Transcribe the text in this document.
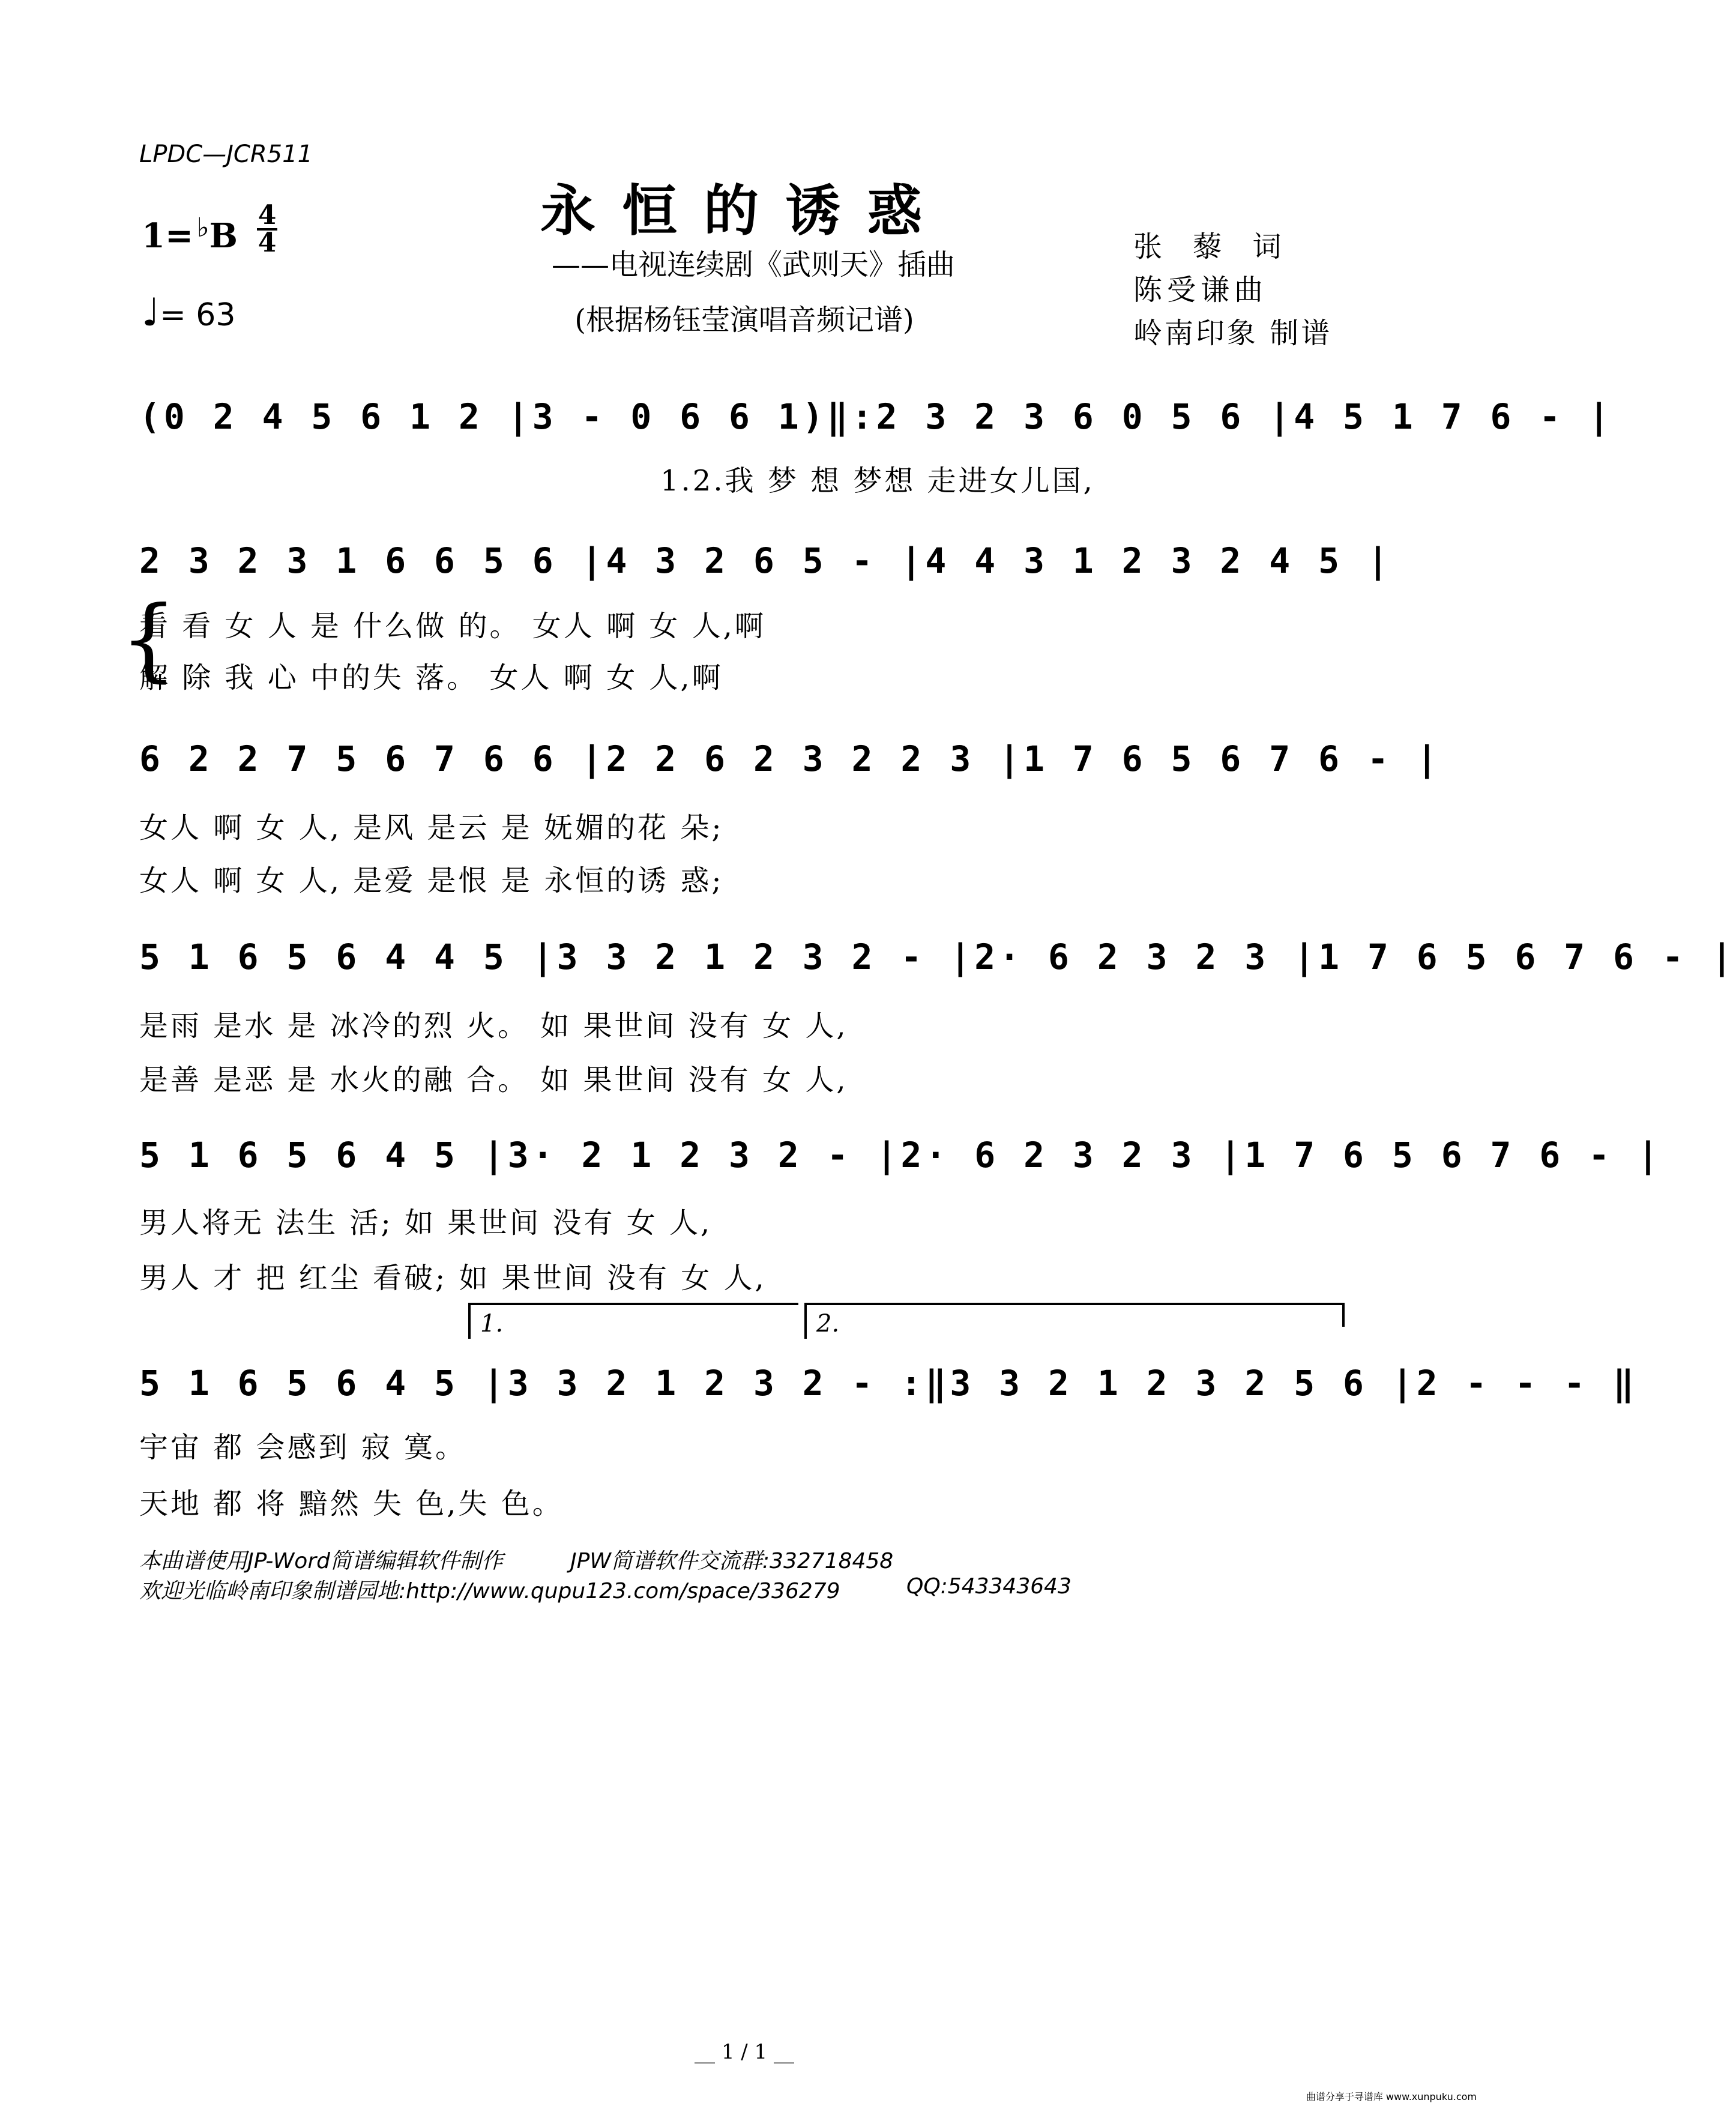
LPDC—JCR511
永恒的诱惑
——电视连续剧《武则天》插曲
(根据杨钰莹演唱音频记谱)
1= ♭B
4
4
♩= 63
张 藜 词
陈受谦曲
岭南印象 制谱
(0 2 4 5 6 1 2 |3 - 0 6 6 1)‖:2 3 2 3 6 0 5 6 |4 5 1 7 6 - |
1.2.我 梦 想 梦想 走进女儿国,
{
2 3 2 3 1 6 6 5 6 |4 3 2 6 5 - |4 4 3 1 2 3 2 4 5 |
看 看 女 人 是 什么做 的。 女人 啊 女 人,啊
解 除 我 心 中的失 落。 女人 啊 女 人,啊
6 2 2 7 5 6 7 6 6 |2 2 6 2 3 2 2 3 |1 7 6 5 6 7 6 - |
女人 啊 女 人, 是风 是云 是 妩媚的花 朵;
女人 啊 女 人, 是爱 是恨 是 永恒的诱 惑;
5 1 6 5 6 4 4 5 |3 3 2 1 2 3 2 - |2· 6 2 3 2 3 |1 7 6 5 6 7 6 - |
是雨 是水 是 冰冷的烈 火。 如 果世间 没有 女 人,
是善 是恶 是 水火的融 合。 如 果世间 没有 女 人,
5 1 6 5 6 4 5 |3· 2 1 2 3 2 - |2· 6 2 3 2 3 |1 7 6 5 6 7 6 - |
男人将无 法生 活; 如 果世间 没有 女 人,
男人 才 把 红尘 看破; 如 果世间 没有 女 人,
1.	2.
5 1 6 5 6 4 5 |3 3 2 1 2 3 2 - :‖3 3 2 1 2 3 2 5 6 |2 - - - ‖
宇宙 都 会感到 寂 寞。
天地 都 将 黯然 失 色,失 色。
本曲谱使用JP-Word简谱编辑软件制作	JPW简谱软件交流群:332718458
欢迎光临岭南印象制谱园地:http://www.qupu123.com/space/336279	QQ:543343643
__ 1 / 1 __
曲谱分享于寻谱库 www.xunpuku.com
